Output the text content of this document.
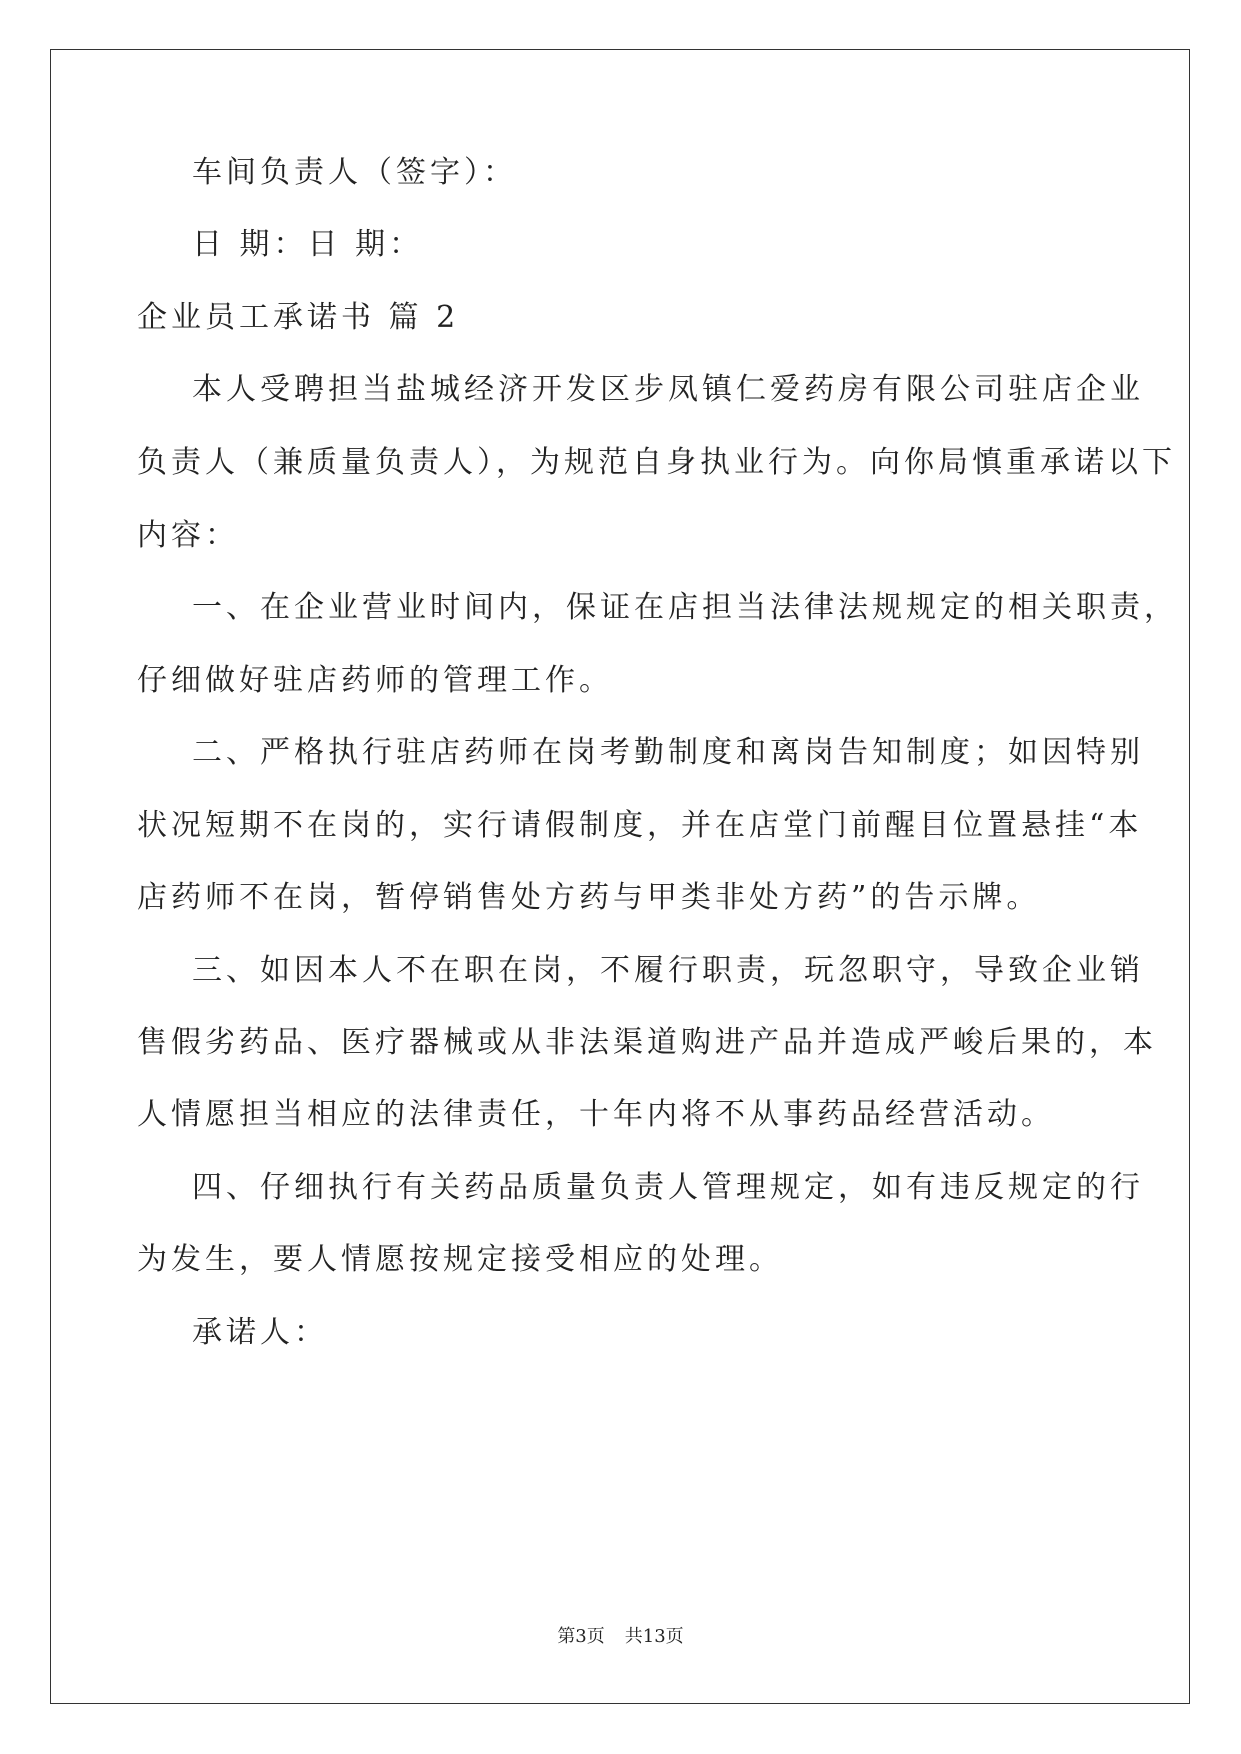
车间负责人（签字）：
日 期：日 期：
企业员工承诺书 篇 2
本人受聘担当盐城经济开发区步凤镇仁爱药房有限公司驻店企业
负责人（兼质量负责人），为规范自身执业行为。向你局慎重承诺以下
内容：
一、在企业营业时间内，保证在店担当法律法规规定的相关职责，
仔细做好驻店药师的管理工作。
二、严格执行驻店药师在岗考勤制度和离岗告知制度；如因特别
状况短期不在岗的，实行请假制度，并在店堂门前醒目位置悬挂“本
店药师不在岗，暂停销售处方药与甲类非处方药”的告示牌。
三、如因本人不在职在岗，不履行职责，玩忽职守，导致企业销
售假劣药品、医疗器械或从非法渠道购进产品并造成严峻后果的，本
人情愿担当相应的法律责任，十年内将不从事药品经营活动。
四、仔细执行有关药品质量负责人管理规定，如有违反规定的行
为发生，要人情愿按规定接受相应的处理。
承诺人：
第3页 共13页
